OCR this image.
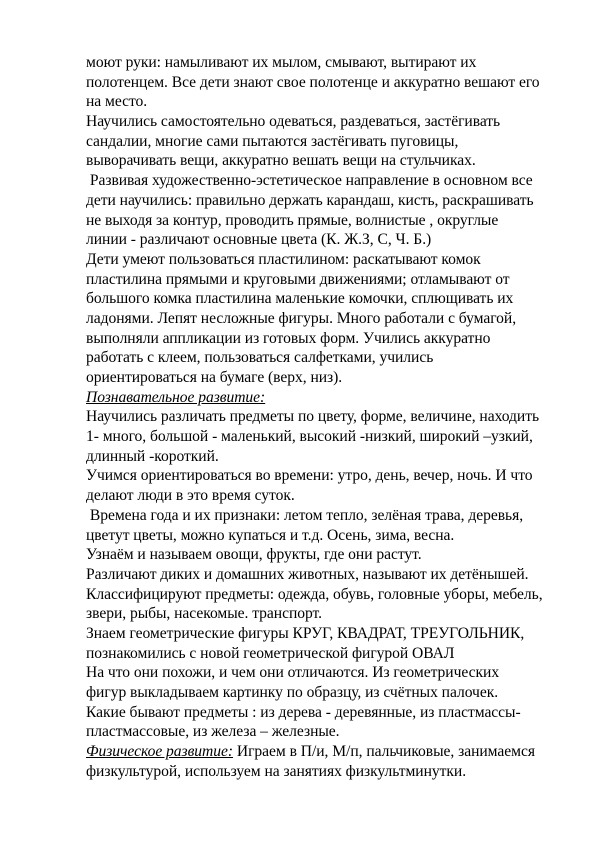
моют руки: намыливают их мылом, смывают, вытирают их
полотенцем. Все дети знают свое полотенце и аккуратно вешают его
на место.
Научились самостоятельно одеваться, раздеваться, застёгивать
сандалии, многие сами пытаются застёгивать пуговицы,
выворачивать вещи, аккуратно вешать вещи на стульчиках.
Развивая художественно-эстетическое направление в основном все
дети научились: правильно держать карандаш, кисть, раскрашивать
не выходя за контур, проводить прямые, волнистые , округлые
линии - различают основные цвета (К. Ж.З, С, Ч. Б.)
Дети умеют пользоваться пластилином: раскатывают комок
пластилина прямыми и круговыми движениями; отламывают от
большого комка пластилина маленькие комочки, сплющивать их
ладонями. Лепят несложные фигуры. Много работали с бумагой,
выполняли аппликации из готовых форм. Учились аккуратно
работать с клеем, пользоваться салфетками, учились
ориентироваться на бумаге (верх, низ).
Познавательное развитие:
Научились различать предметы по цвету, форме, величине, находить
1- много, большой - маленький, высокий -низкий, широкий –узкий,
длинный -короткий.
Учимся ориентироваться во времени: утро, день, вечер, ночь. И что
делают люди в это время суток.
Времена года и их признаки: летом тепло, зелёная трава, деревья,
цветут цветы, можно купаться и т.д. Осень, зима, весна.
Узнаём и называем овощи, фрукты, где они растут.
Различают диких и домашних животных, называют их детёнышей.
Классифицируют предметы: одежда, обувь, головные уборы, мебель,
звери, рыбы, насекомые. транспорт.
Знаем геометрические фигуры КРУГ, КВАДРАТ, ТРЕУГОЛЬНИК,
познакомились с новой геометрической фигурой ОВАЛ
На что они похожи, и чем они отличаются. Из геометрических
фигур выкладываем картинку по образцу, из счётных палочек.
Какие бывают предметы : из дерева - деревянные, из пластмассы-
пластмассовые, из железа – железные.
Физическое развитие: Играем в П/и, М/п, пальчиковые, занимаемся
физкультурой, используем на занятиях физкультминутки.
